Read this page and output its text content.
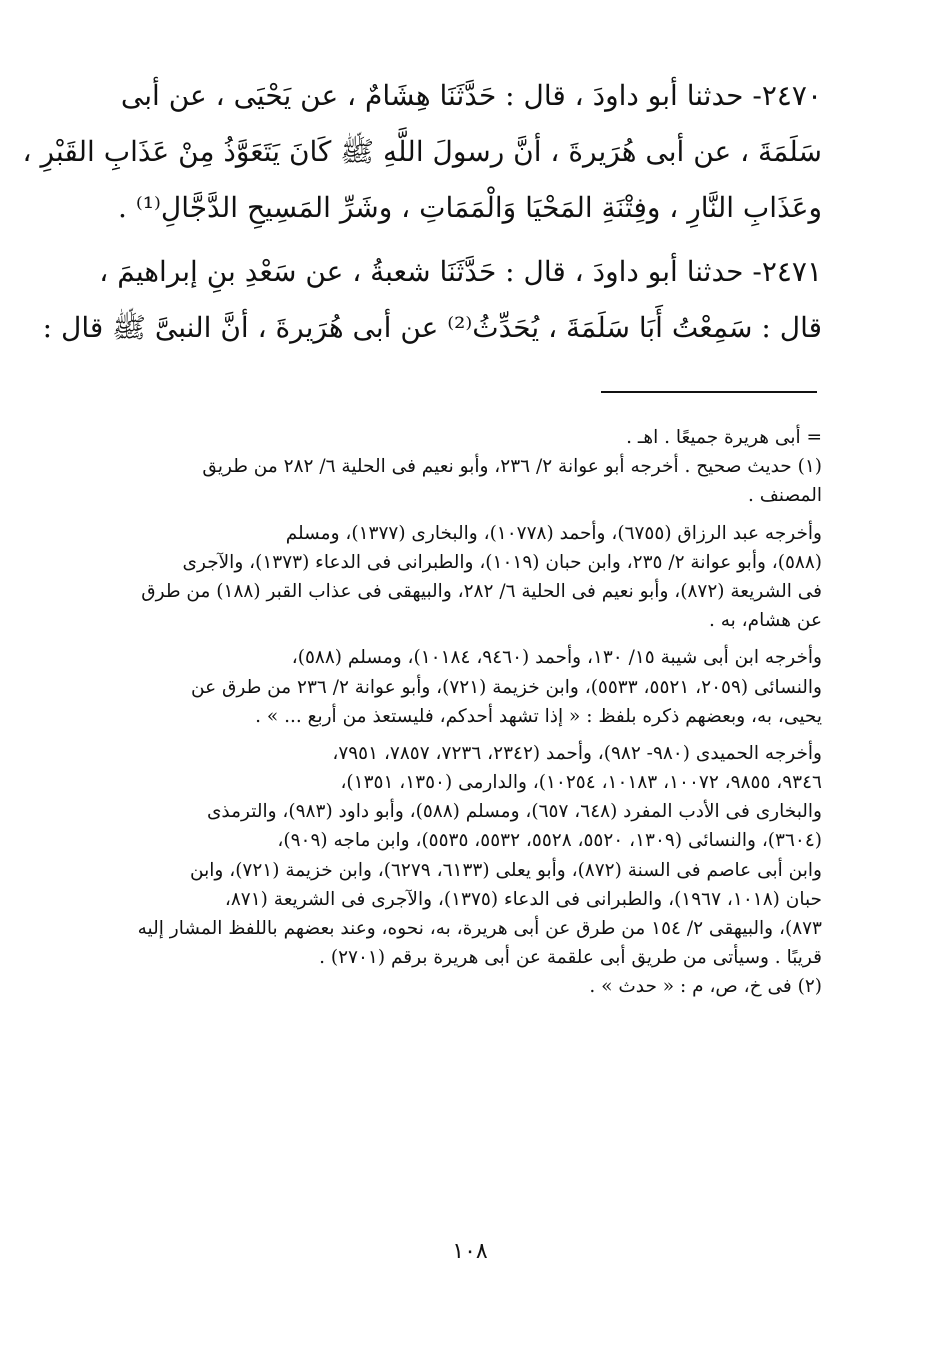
٢٤٧٠- حدثنا أبو داودَ ، قال : حَدَّثَنَا هِشَامٌ ، عن يَحْيَى ، عن أبى
سَلَمَةَ ، عن أبى هُرَيرةَ ، أنَّ رسولَ اللَّهِ ﷺ كَانَ يَتَعَوَّذُ مِنْ عَذَابِ القَبْرِ ،
وعَذَابِ النَّارِ ، وفِتْنَةِ المَحْيَا وَالْمَمَاتِ ، وشَرِّ المَسِيحِ الدَّجَّالِ⁽¹⁾ .
٢٤٧١- حدثنا أبو داودَ ، قال : حَدَّثَنَا شعبةُ ، عن سَعْدِ بنِ إبراهيمَ ،
قال : سَمِعْتُ أَبَا سَلَمَةَ ، يُحَدِّثُ⁽²⁾ عن أبى هُرَيرةَ ، أنَّ النبىَّ ﷺ قال :
= أبى هريرة جميعًا . اهـ .
(١) حديث صحيح . أخرجه أبو عوانة ٢/ ٢٣٦، وأبو نعيم فى الحلية ٦/ ٢٨٢ من طريق
المصنف .
وأخرجه عبد الرزاق (٦٧٥٥)، وأحمد (١٠٧٧٨)، والبخارى (١٣٧٧)، ومسلم
(٥٨٨)، وأبو عوانة ٢/ ٢٣٥، وابن حبان (١٠١٩)، والطبرانى فى الدعاء (١٣٧٣)، والآجرى
فى الشريعة (٨٧٢)، وأبو نعيم فى الحلية ٦/ ٢٨٢، والبيهقى فى عذاب القبر (١٨٨) من طرق
عن هشام، به .
وأخرجه ابن أبى شيبة ١٥/ ١٣٠، وأحمد (٩٤٦٠، ١٠١٨٤)، ومسلم (٥٨٨)،
والنسائى (٢٠٥٩، ٥٥٢١، ٥٥٣٣)، وابن خزيمة (٧٢١)، وأبو عوانة ٢/ ٢٣٦ من طرق عن
يحيى، به، وبعضهم ذكره بلفظ : « إذا تشهد أحدكم، فليستعذ من أربع ... » .
وأخرجه الحميدى (٩٨٠- ٩٨٢)، وأحمد (٢٣٤٢، ٧٢٣٦، ٧٨٥٧، ٧٩٥١،
٩٣٤٦، ٩٨٥٥، ١٠٠٧٢، ١٠١٨٣، ١٠٢٥٤)، والدارمى (١٣٥٠، ١٣٥١)،
والبخارى فى الأدب المفرد (٦٤٨، ٦٥٧)، ومسلم (٥٨٨)، وأبو داود (٩٨٣)، والترمذى
(٣٦٠٤)، والنسائى (١٣٠٩، ٥٥٢٠، ٥٥٢٨، ٥٥٣٢، ٥٥٣٥)، وابن ماجه (٩٠٩)،
وابن أبى عاصم فى السنة (٨٧٢)، وأبو يعلى (٦١٣٣، ٦٢٧٩)، وابن خزيمة (٧٢١)، وابن
حبان (١٠١٨، ١٩٦٧)، والطبرانى فى الدعاء (١٣٧٥)، والآجرى فى الشريعة (٨٧١،
٨٧٣)، والبيهقى ٢/ ١٥٤ من طرق عن أبى هريرة، به، نحوه، وعند بعضهم باللفظ المشار إليه
قريبًا . وسيأتى من طريق أبى علقمة عن أبى هريرة برقم (٢٧٠١) .
(٢) فى خ، ص، م : « حدث » .
١٠٨
